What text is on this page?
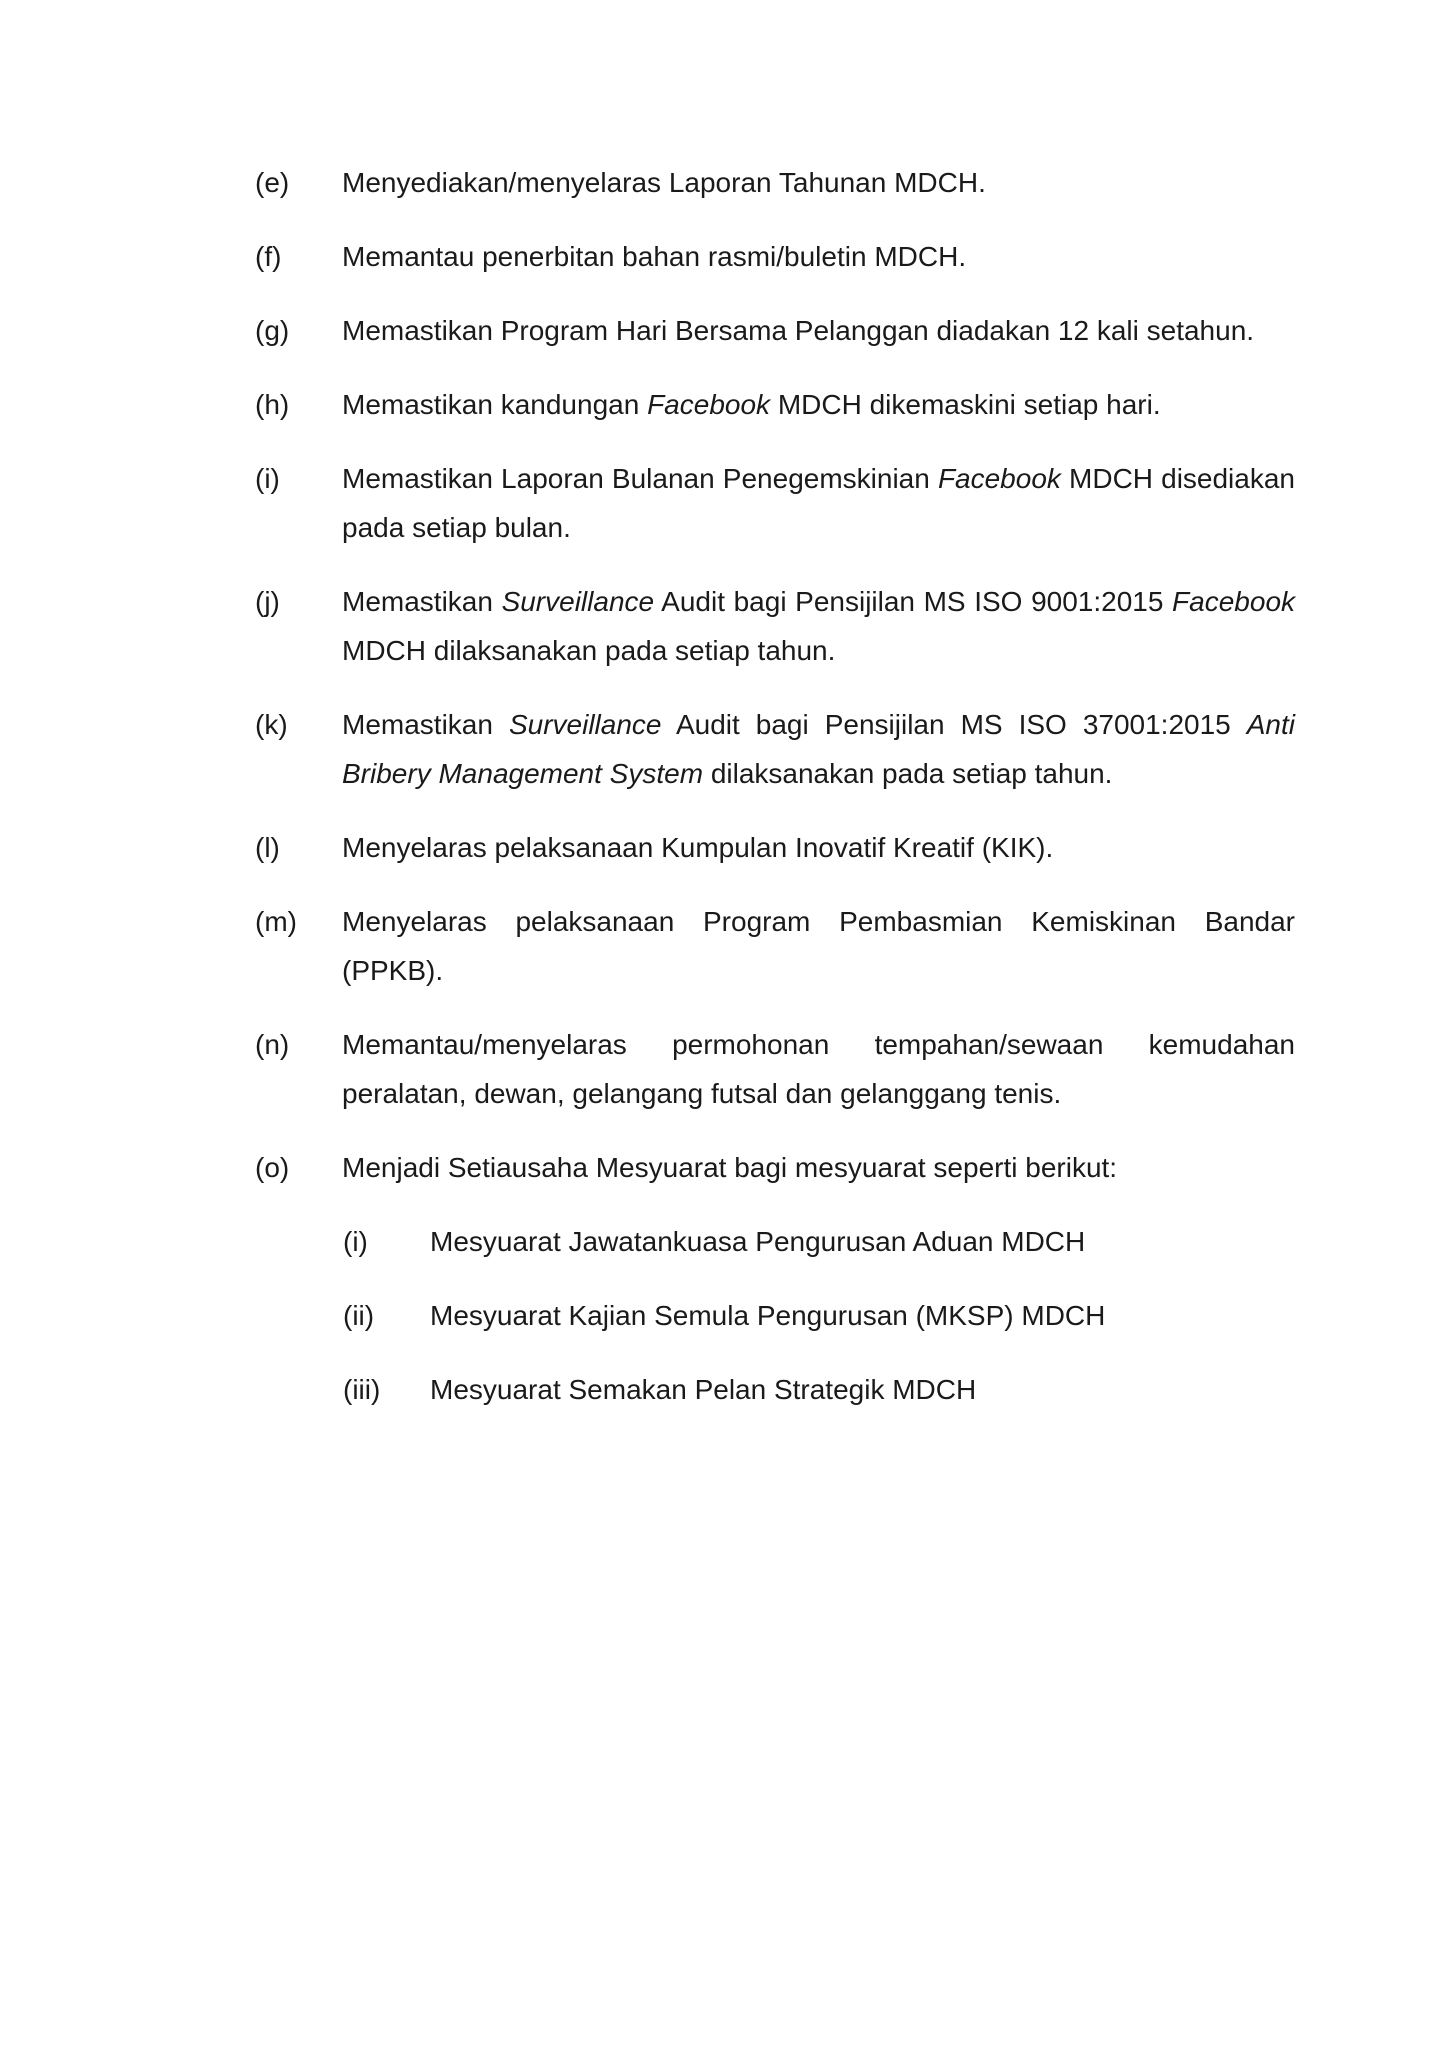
(e)	Menyediakan/menyelaras Laporan Tahunan MDCH.
(f)	Memantau penerbitan bahan rasmi/buletin MDCH.
(g)	Memastikan Program Hari Bersama Pelanggan diadakan 12 kali setahun.
(h)	Memastikan kandungan Facebook MDCH dikemaskini setiap hari.
(i)	Memastikan Laporan Bulanan Penegemskinian Facebook MDCH disediakan pada setiap bulan.
(j)	Memastikan Surveillance Audit bagi Pensijilan MS ISO 9001:2015 Facebook MDCH dilaksanakan pada setiap tahun.
(k)	Memastikan Surveillance Audit bagi Pensijilan MS ISO 37001:2015 Anti Bribery Management System dilaksanakan pada setiap tahun.
(l)	Menyelaras pelaksanaan Kumpulan Inovatif Kreatif (KIK).
(m)	Menyelaras pelaksanaan Program Pembasmian Kemiskinan Bandar (PPKB).
(n)	Memantau/menyelaras permohonan tempahan/sewaan kemudahan peralatan, dewan, gelangang futsal dan gelanggang tenis.
(o)	Menjadi Setiausaha Mesyuarat bagi mesyuarat seperti berikut:
(i)	Mesyuarat Jawatankuasa Pengurusan Aduan MDCH
(ii)	Mesyuarat Kajian Semula Pengurusan (MKSP) MDCH
(iii)	Mesyuarat Semakan Pelan Strategik MDCH
